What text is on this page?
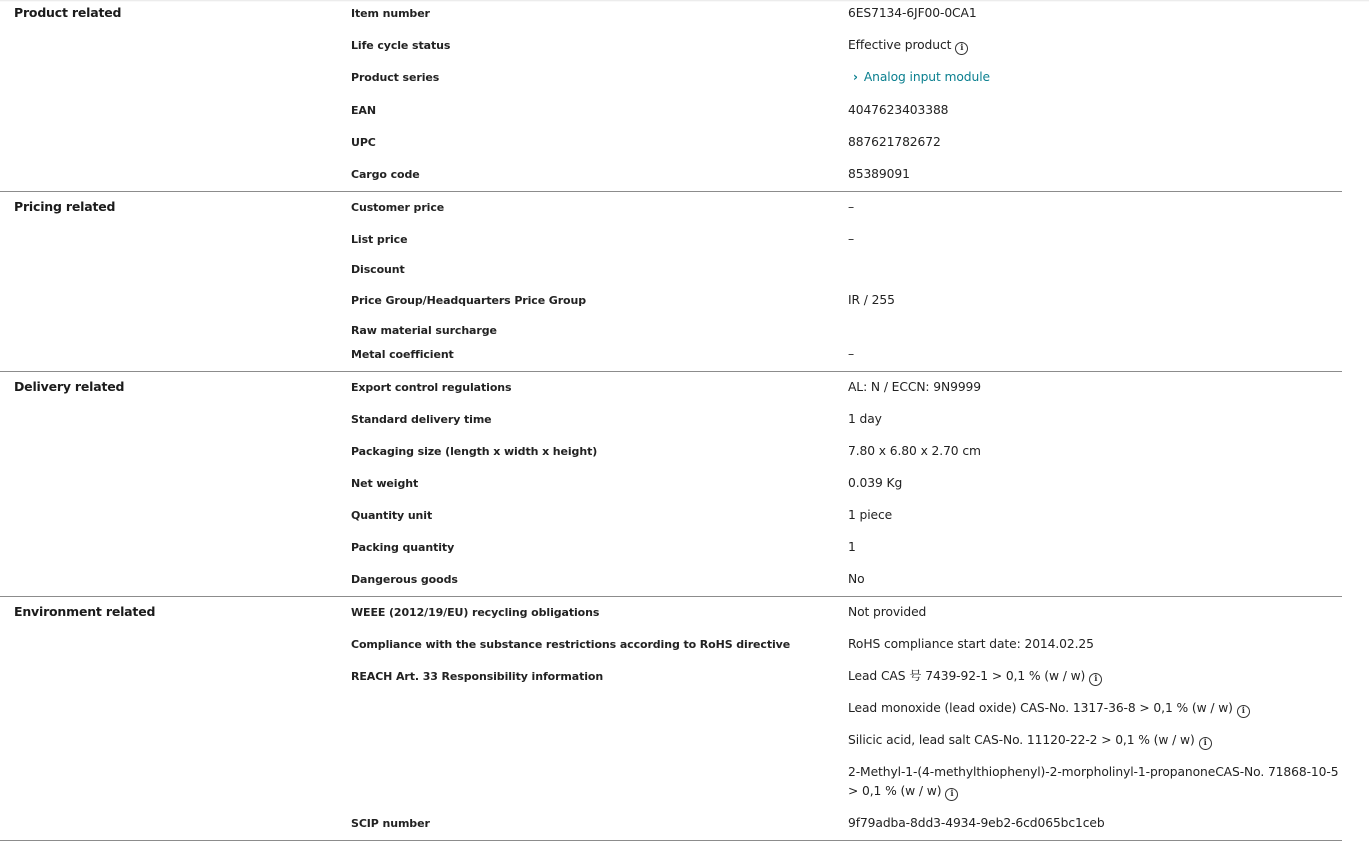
Product related	Item number	6ES7134-6JF00-0CA1
Life cycle status	Effective product i
Product series	› Analog input module
EAN	4047623403388
UPC	887621782672
Cargo code	85389091
Pricing related	Customer price	–
List price	–
Discount
Price Group/Headquarters Price Group	IR / 255
Raw material surcharge
Metal coefficient	–
Delivery related	Export control regulations	AL: N / ECCN: 9N9999
Standard delivery time	1 day
Packaging size (length x width x height)	7.80 x 6.80 x 2.70 cm
Net weight	0.039 Kg
Quantity unit	1 piece
Packing quantity	1
Dangerous goods	No
Environment related	WEEE (2012/19/EU) recycling obligations	Not provided
Compliance with the substance restrictions according to RoHS directive	RoHS compliance start date: 2014.02.25
REACH Art. 33 Responsibility information	Lead CAS 号 7439-92-1 > 0,1 % (w / w) i
Lead monoxide (lead oxide) CAS-No. 1317-36-8 > 0,1 % (w / w) i
Silicic acid, lead salt CAS-No. 11120-22-2 > 0,1 % (w / w) i
2-Methyl-1-(4-methylthiophenyl)-2-morpholinyl-1-propanoneCAS-No. 71868-10-5 > 0,1 % (w / w) i
SCIP number	9f79adba-8dd3-4934-9eb2-6cd065bc1ceb
